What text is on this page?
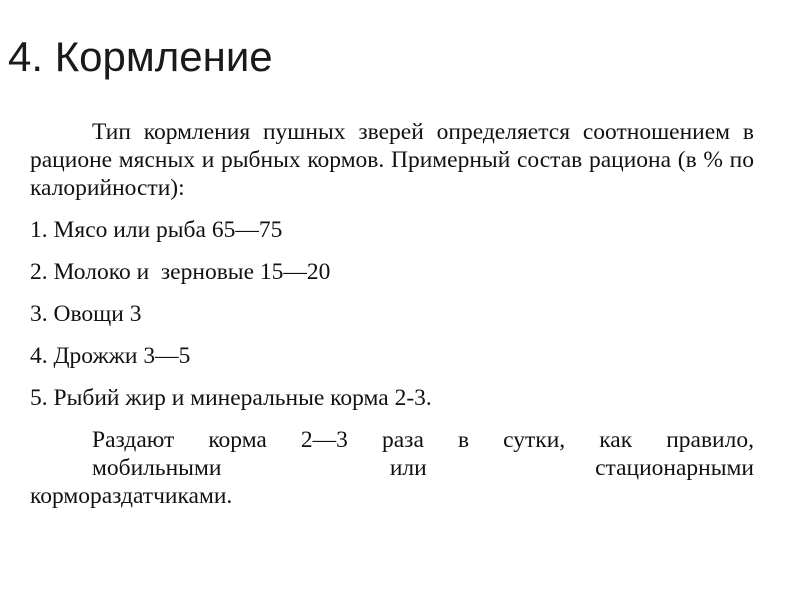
4. Кормление

Тип кормления пушных зверей определяется соотношением в рационе мясных и рыбных кормов. Примерный состав рациона (в % по калорийности):

1. Мясо или рыба 65—75
2. Молоко и  зерновые 15—20
3. Овощи 3
4. Дрожжи 3—5
5. Рыбий жир и минеральные корма 2-3.

Раздают корма 2—3 раза в сутки, как правило,
мобильными или стационарными
кормораздатчиками.
